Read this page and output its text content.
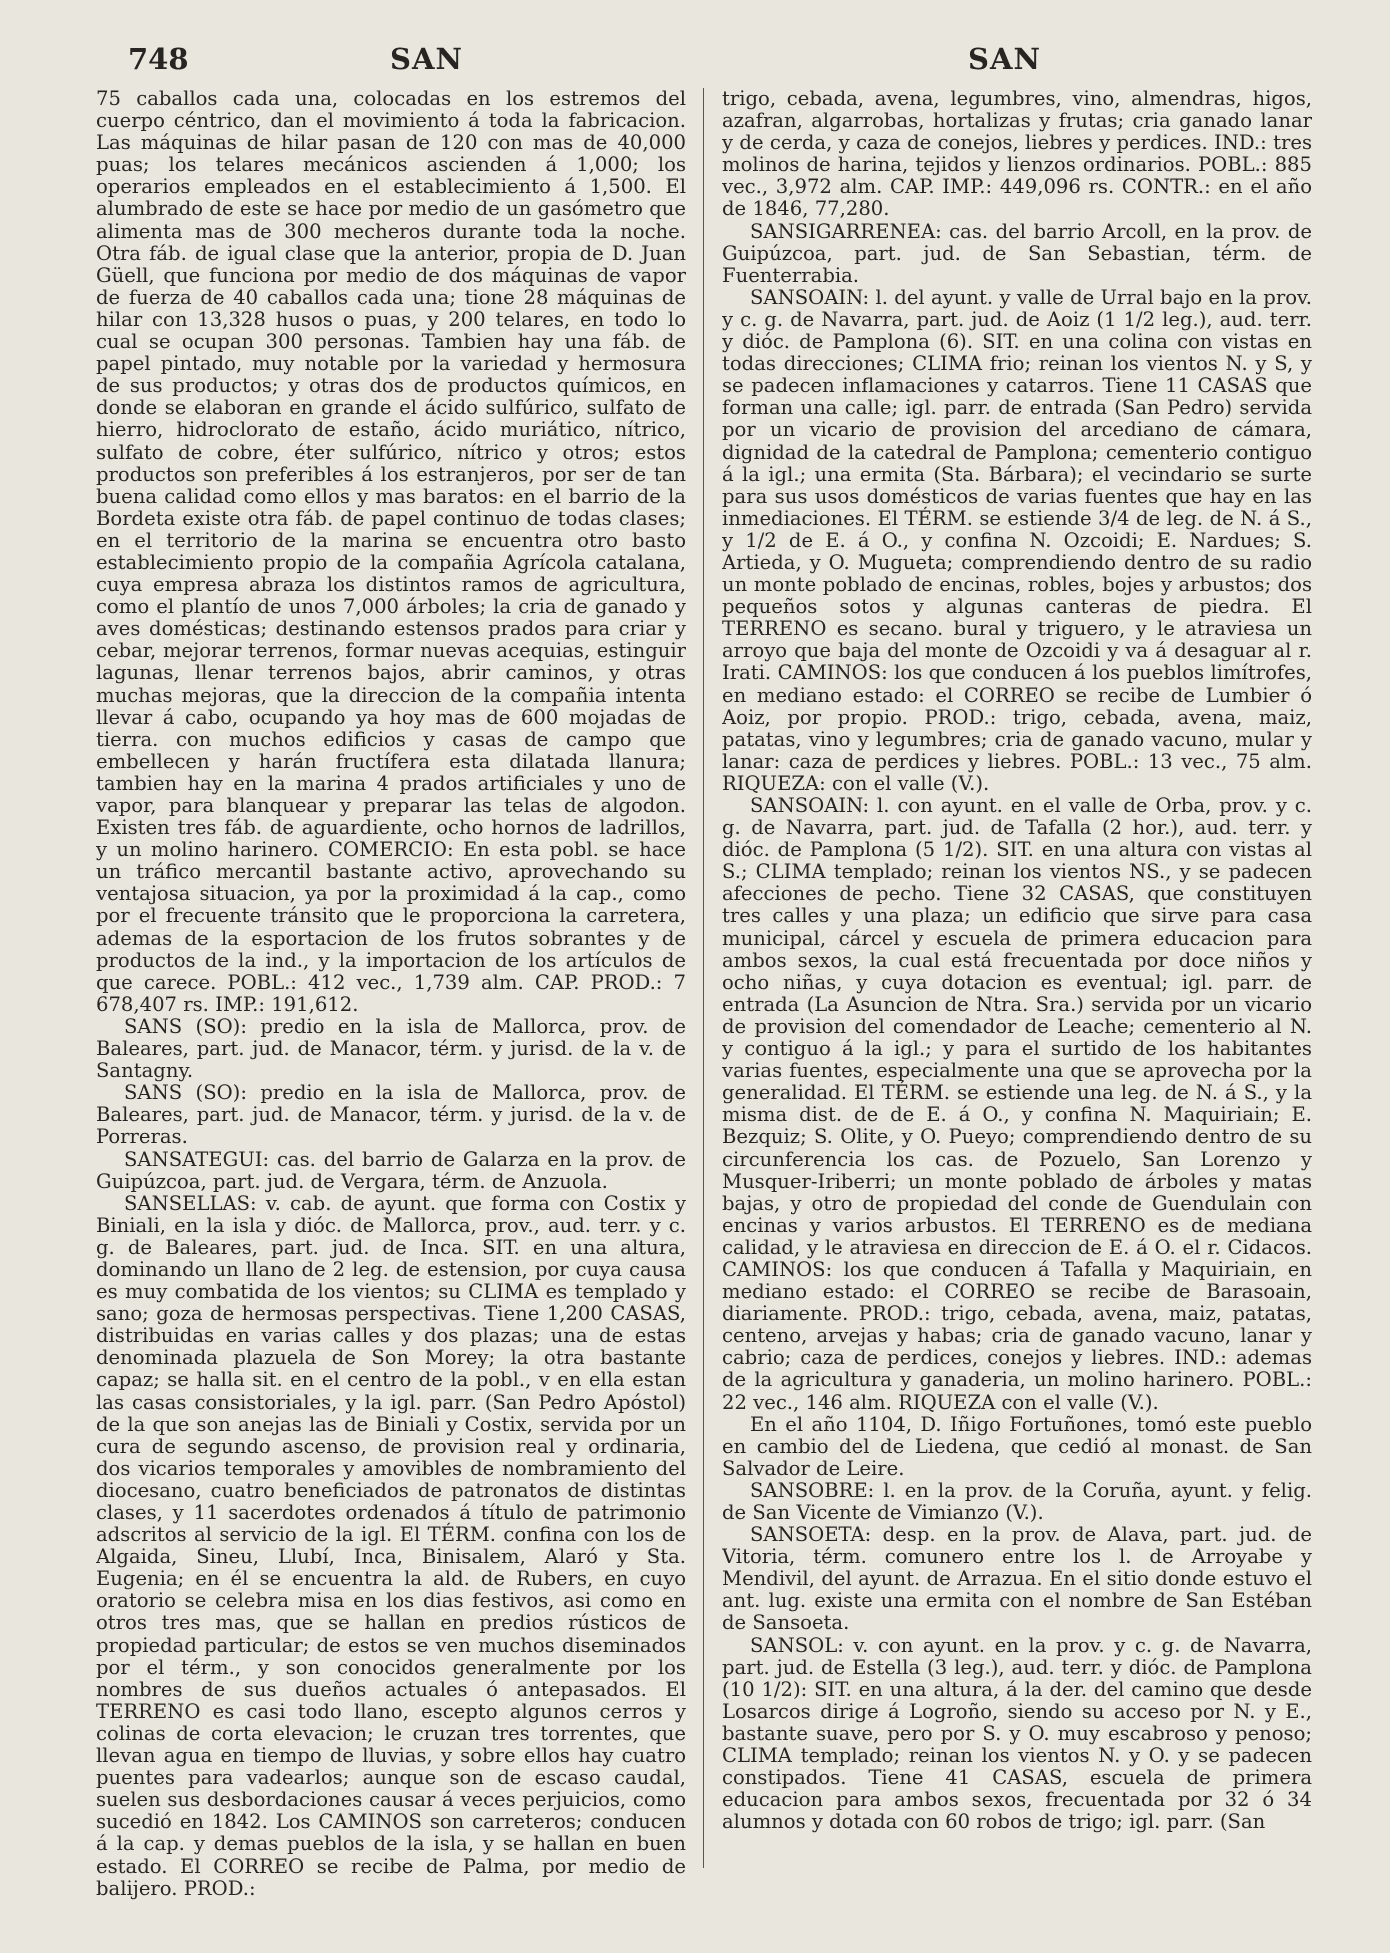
748	SAN	SAN

75 caballos cada una, colocadas en los estremos del cuerpo céntrico, dan el movimiento á toda la fabricacion. Las máquinas de hilar pasan de 120 con mas de 40,000 puas; los telares mecánicos ascienden á 1,000; los operarios empleados en el establecimiento á 1,500. El alumbrado de este se hace por medio de un gasómetro que alimenta mas de 300 mecheros durante toda la noche. Otra fáb. de igual clase que la anterior, propia de D. Juan Güell, que funciona por medio de dos máquinas de vapor de fuerza de 40 caballos cada una; tione 28 máquinas de hilar con 13,328 husos o puas, y 200 telares, en todo lo cual se ocupan 300 personas. Tambien hay una fáb. de papel pintado, muy notable por la variedad y hermosura de sus productos; y otras dos de productos químicos, en donde se elaboran en grande el ácido sulfúrico, sulfato de hierro, hidroclorato de estaño, ácido muriático, nítrico, sulfato de cobre, éter sulfúrico, nítrico y otros; estos productos son preferibles á los estranjeros, por ser de tan buena calidad como ellos y mas baratos: en el barrio de la Bordeta existe otra fáb. de papel continuo de todas clases; en el territorio de la marina se encuentra otro basto establecimiento propio de la compañia Agrícola catalana, cuya empresa abraza los distintos ramos de agricultura, como el plantío de unos 7,000 árboles; la cria de ganado y aves domésticas; destinando estensos prados para criar y cebar, mejorar terrenos, formar nuevas acequias, estinguir lagunas, llenar terrenos bajos, abrir caminos, y otras muchas mejoras, que la direccion de la compañia intenta llevar á cabo, ocupando ya hoy mas de 600 mojadas de tierra. con muchos edificios y casas de campo que embellecen y harán fructífera esta dilatada llanura; tambien hay en la marina 4 prados artificiales y uno de vapor, para blanquear y preparar las telas de algodon. Existen tres fáb. de aguardiente, ocho hornos de ladrillos, y un molino harinero. COMERCIO: En esta pobl. se hace un tráfico mercantil bastante activo, aprovechando su ventajosa situacion, ya por la proximidad á la cap., como por el frecuente tránsito que le proporciona la carretera, ademas de la esportacion de los frutos sobrantes y de productos de la ind., y la importacion de los artículos de que carece. POBL.: 412 vec., 1,739 alm. CAP. PROD.: 7 678,407 rs. IMP.: 191,612.

SANS (SO): predio en la isla de Mallorca, prov. de Baleares, part. jud. de Manacor, térm. y jurisd. de la v. de Santagny.

SANS (SO): predio en la isla de Mallorca, prov. de Baleares, part. jud. de Manacor, térm. y jurisd. de la v. de Porreras.

SANSATEGUI: cas. del barrio de Galarza en la prov. de Guipúzcoa, part. jud. de Vergara, térm. de Anzuola.

SANSELLAS: v. cab. de ayunt. que forma con Costix y Biniali, en la isla y dióc. de Mallorca, prov., aud. terr. y c. g. de Baleares, part. jud. de Inca. SIT. en una altura, dominando un llano de 2 leg. de estension, por cuya causa es muy combatida de los vientos; su CLIMA es templado y sano; goza de hermosas perspectivas. Tiene 1,200 CASAS, distribuidas en varias calles y dos plazas; una de estas denominada plazuela de Son Morey; la otra bastante capaz; se halla sit. en el centro de la pobl., v en ella estan las casas consistoriales, y la igl. parr. (San Pedro Apóstol) de la que son anejas las de Biniali y Costix, servida por un cura de segundo ascenso, de provision real y ordinaria, dos vicarios temporales y amovibles de nombramiento del diocesano, cuatro beneficiados de patronatos de distintas clases, y 11 sacerdotes ordenados á título de patrimonio adscritos al servicio de la igl. El TÉRM. confina con los de Algaida, Sineu, Llubí, Inca, Binisalem, Alaró y Sta. Eugenia; en él se encuentra la ald. de Rubers, en cuyo oratorio se celebra misa en los dias festivos, asi como en otros tres mas, que se hallan en predios rústicos de propiedad particular; de estos se ven muchos diseminados por el térm., y son conocidos generalmente por los nombres de sus dueños actuales ó antepasados. El TERRENO es casi todo llano, escepto algunos cerros y colinas de corta elevacion; le cruzan tres torrentes, que llevan agua en tiempo de lluvias, y sobre ellos hay cuatro puentes para vadearlos; aunque son de escaso caudal, suelen sus desbordaciones causar á veces perjuicios, como sucedió en 1842. Los CAMINOS son carreteros; conducen á la cap. y demas pueblos de la isla, y se hallan en buen estado. El CORREO se recibe de Palma, por medio de balijero. PROD.:

trigo, cebada, avena, legumbres, vino, almendras, higos, azafran, algarrobas, hortalizas y frutas; cria ganado lanar y de cerda, y caza de conejos, liebres y perdices. IND.: tres molinos de harina, tejidos y lienzos ordinarios. POBL.: 885 vec., 3,972 alm. CAP. IMP.: 449,096 rs. CONTR.: en el año de 1846, 77,280.

SANSIGARRENEA: cas. del barrio Arcoll, en la prov. de Guipúzcoa, part. jud. de San Sebastian, térm. de Fuenterrabia.

SANSOAIN: l. del ayunt. y valle de Urral bajo en la prov. y c. g. de Navarra, part. jud. de Aoiz (1 1/2 leg.), aud. terr. y dióc. de Pamplona (6). SIT. en una colina con vistas en todas direcciones; CLIMA frio; reinan los vientos N. y S, y se padecen inflamaciones y catarros. Tiene 11 CASAS que forman una calle; igl. parr. de entrada (San Pedro) servida por un vicario de provision del arcediano de cámara, dignidad de la catedral de Pamplona; cementerio contiguo á la igl.; una ermita (Sta. Bárbara); el vecindario se surte para sus usos domésticos de varias fuentes que hay en las inmediaciones. El TÉRM. se estiende 3/4 de leg. de N. á S., y 1/2 de E. á O., y confina N. Ozcoidi; E. Nardues; S. Artieda, y O. Mugueta; comprendiendo dentro de su radio un monte poblado de encinas, robles, bojes y arbustos; dos pequeños sotos y algunas canteras de piedra. El TERRENO es secano. bural y triguero, y le atraviesa un arroyo que baja del monte de Ozcoidi y va á desaguar al r. Irati. CAMINOS: los que conducen á los pueblos limítrofes, en mediano estado: el CORREO se recibe de Lumbier ó Aoiz, por propio. PROD.: trigo, cebada, avena, maiz, patatas, vino y legumbres; cria de ganado vacuno, mular y lanar: caza de perdices y liebres. POBL.: 13 vec., 75 alm. RIQUEZA: con el valle (V.).

SANSOAIN: l. con ayunt. en el valle de Orba, prov. y c. g. de Navarra, part. jud. de Tafalla (2 hor.), aud. terr. y dióc. de Pamplona (5 1/2). SIT. en una altura con vistas al S.; CLIMA templado; reinan los vientos NS., y se padecen afecciones de pecho. Tiene 32 CASAS, que constituyen tres calles y una plaza; un edificio que sirve para casa municipal, cárcel y escuela de primera educacion para ambos sexos, la cual está frecuentada por doce niños y ocho niñas, y cuya dotacion es eventual; igl. parr. de entrada (La Asuncion de Ntra. Sra.) servida por un vicario de provision del comendador de Leache; cementerio al N. y contiguo á la igl.; y para el surtido de los habitantes varias fuentes, especialmente una que se aprovecha por la generalidad. El TÉRM. se estiende una leg. de N. á S., y la misma dist. de de E. á O., y confina N. Maquiriain; E. Bezquiz; S. Olite, y O. Pueyo; comprendiendo dentro de su circunferencia los cas. de Pozuelo, San Lorenzo y Musquer-Iriberri; un monte poblado de árboles y matas bajas, y otro de propiedad del conde de Guendulain con encinas y varios arbustos. El TERRENO es de mediana calidad, y le atraviesa en direccion de E. á O. el r. Cidacos. CAMINOS: los que conducen á Tafalla y Maquiriain, en mediano estado: el CORREO se recibe de Barasoain, diariamente. PROD.: trigo, cebada, avena, maiz, patatas, centeno, arvejas y habas; cria de ganado vacuno, lanar y cabrio; caza de perdices, conejos y liebres. IND.: ademas de la agricultura y ganaderia, un molino harinero. POBL.: 22 vec., 146 alm. RIQUEZA con el valle (V.).

En el año 1104, D. Iñigo Fortuñones, tomó este pueblo en cambio del de Liedena, que cedió al monast. de San Salvador de Leire.

SANSOBRE: l. en la prov. de la Coruña, ayunt. y felig. de San Vicente de Vimianzo (V.).

SANSOETA: desp. en la prov. de Alava, part. jud. de Vitoria, térm. comunero entre los l. de Arroyabe y Mendivil, del ayunt. de Arrazua. En el sitio donde estuvo el ant. lug. existe una ermita con el nombre de San Estéban de Sansoeta.

SANSOL: v. con ayunt. en la prov. y c. g. de Navarra, part. jud. de Estella (3 leg.), aud. terr. y dióc. de Pamplona (10 1/2): SIT. en una altura, á la der. del camino que desde Losarcos dirige á Logroño, siendo su acceso por N. y E., bastante suave, pero por S. y O. muy escabroso y penoso; CLIMA templado; reinan los vientos N. y O. y se padecen constipados. Tiene 41 CASAS, escuela de primera educacion para ambos sexos, frecuentada por 32 ó 34 alumnos y dotada con 60 robos de trigo; igl. parr. (San
